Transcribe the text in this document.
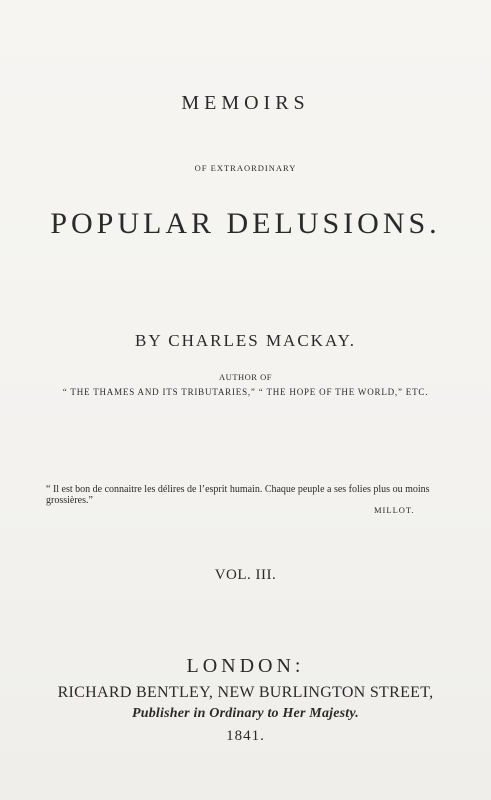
MEMOIRS
OF EXTRAORDINARY
POPULAR DELUSIONS.
BY CHARLES MACKAY.
AUTHOR OF
“ THE THAMES AND ITS TRIBUTARIES,” “ THE HOPE OF THE WORLD,” ETC.
“ Il est bon de connaitre les délires de l’esprit humain. Chaque peuple a ses folies plus ou moins grossières.”
MILLOT.
VOL. III.
LONDON:
RICHARD BENTLEY, NEW BURLINGTON STREET,
Publisher in Ordinary to Her Majesty.
1841.
